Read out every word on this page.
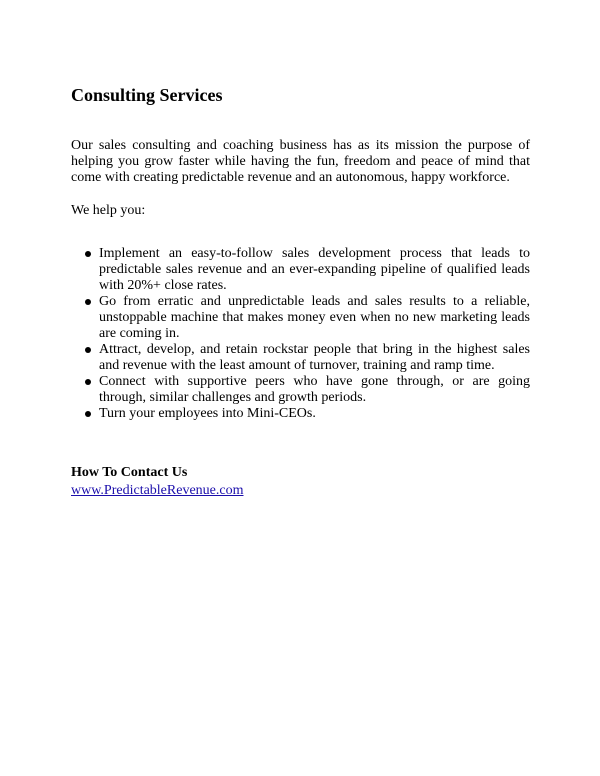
Consulting Services

Our sales consulting and coaching business has as its mission the purpose of helping you grow faster while having the fun, freedom and peace of mind that come with creating predictable revenue and an autonomous, happy workforce.

We help you:

Implement an easy-to-follow sales development process that leads to predictable sales revenue and an ever-expanding pipeline of qualified leads with 20%+ close rates.
Go from erratic and unpredictable leads and sales results to a reliable, unstoppable machine that makes money even when no new marketing leads are coming in.
Attract, develop, and retain rockstar people that bring in the highest sales and revenue with the least amount of turnover, training and ramp time.
Connect with supportive peers who have gone through, or are going through, similar challenges and growth periods.
Turn your employees into Mini-CEOs.

How To Contact Us

www.PredictableRevenue.com
